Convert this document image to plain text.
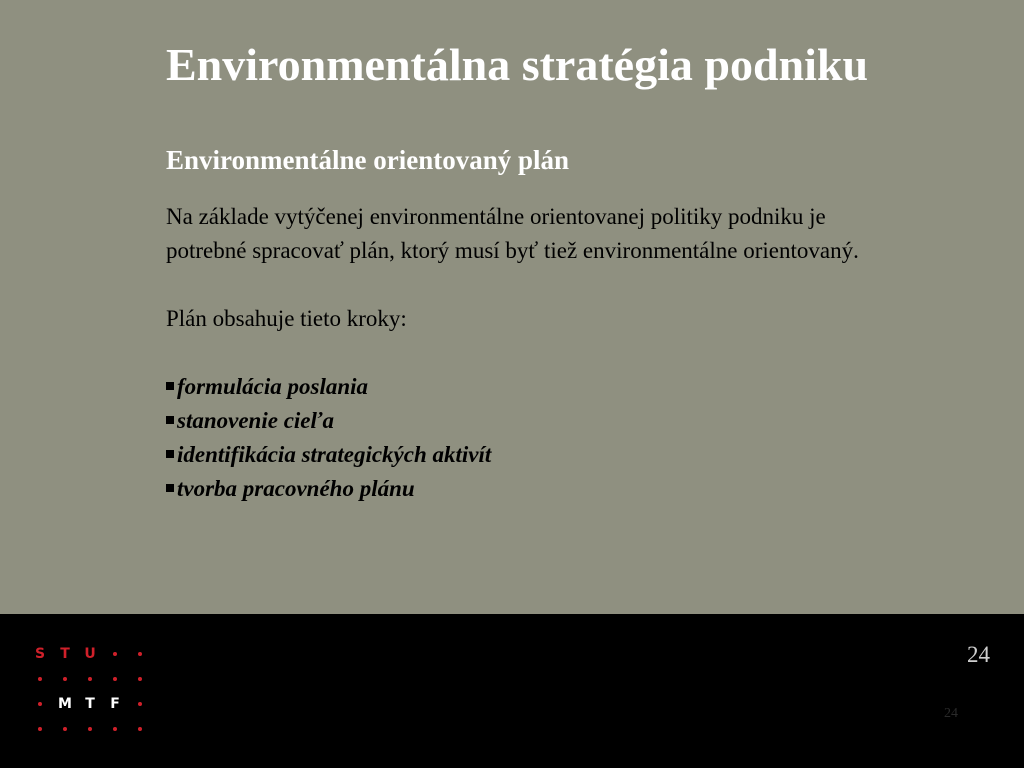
Environmentálna stratégia podniku
Environmentálne orientovaný plán

Na základe vytýčenej environmentálne orientovanej politiky podniku je potrebné spracovať plán, ktorý musí byť tiež environmentálne orientovaný.

Plán obsahuje tieto kroky:

formulácia poslania
stanovenie cieľa
identifikácia strategických aktivít
tvorba pracovného plánu
S	T	U
M T	F
24
24
